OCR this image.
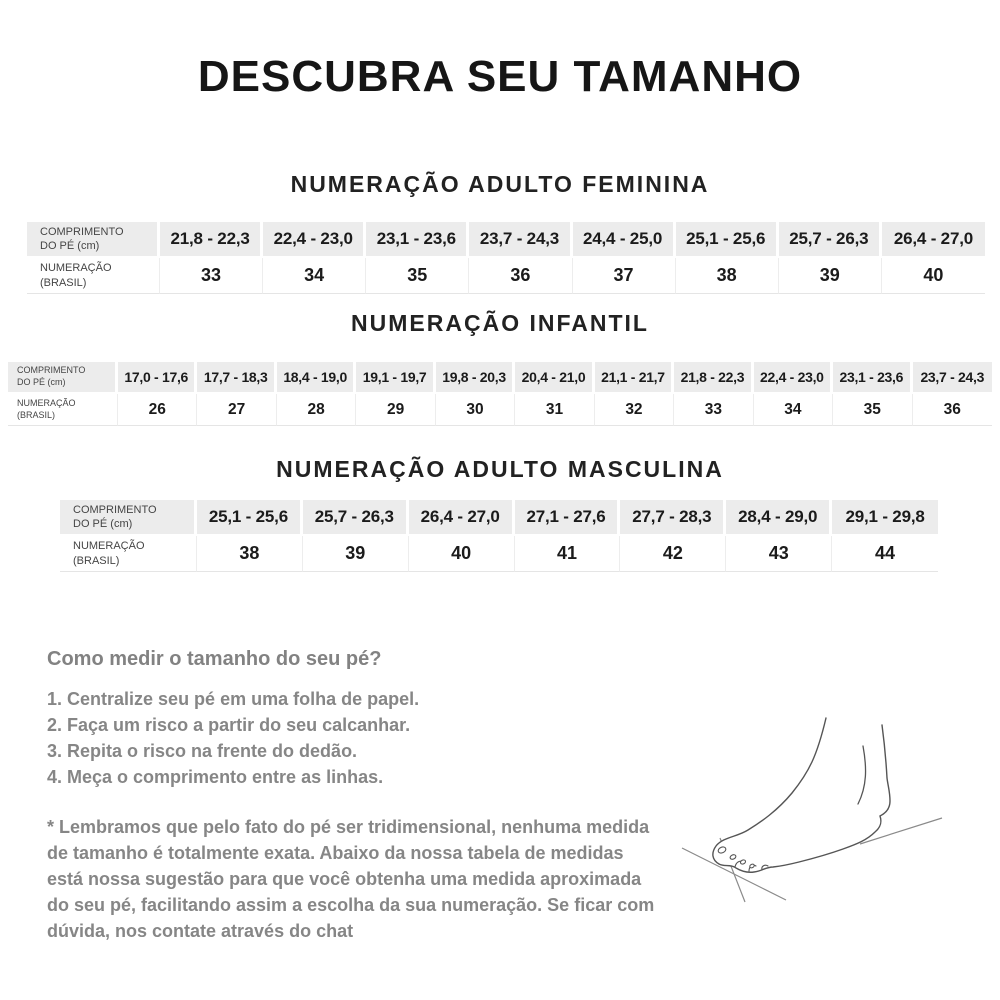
DESCUBRA SEU TAMANHO
NUMERAÇÃO ADULTO FEMININA
COMPRIMENTO
DO PÉ (cm)	21,8 - 22,3	22,4 - 23,0	23,1 - 23,6	23,7 - 24,3	24,4 - 25,0	25,1 - 25,6	25,7 - 26,3	26,4 - 27,0
NUMERAÇÃO
(BRASIL)	33	34	35	36	37	38	39	40
NUMERAÇÃO INFANTIL
COMPRIMENTO
DO PÉ (cm)	17,0 - 17,6	17,7 - 18,3	18,4 - 19,0	19,1 - 19,7	19,8 - 20,3	20,4 - 21,0	21,1 - 21,7	21,8 - 22,3	22,4 - 23,0	23,1 - 23,6	23,7 - 24,3
NUMERAÇÃO
(BRASIL)	26	27	28	29	30	31	32	33	34	35	36
NUMERAÇÃO ADULTO MASCULINA
COMPRIMENTO
DO PÉ (cm)	25,1 - 25,6	25,7 - 26,3	26,4 - 27,0	27,1 - 27,6	27,7 - 28,3	28,4 - 29,0	29,1 - 29,8
NUMERAÇÃO
(BRASIL)	38	39	40	41	42	43	44
Como medir o tamanho do seu pé?
1. Centralize seu pé em uma folha de papel.
2. Faça um risco a partir do seu calcanhar.
3. Repita o risco na frente do dedão.
4. Meça o comprimento entre as linhas.

* Lembramos que pelo fato do pé ser tridimensional, nenhuma medida de tamanho é totalmente exata. Abaixo da nossa tabela de medidas está nossa sugestão para que você obtenha uma medida aproximada do seu pé, facilitando assim a escolha da sua numeração. Se ficar com dúvida, nos contate através do chat
